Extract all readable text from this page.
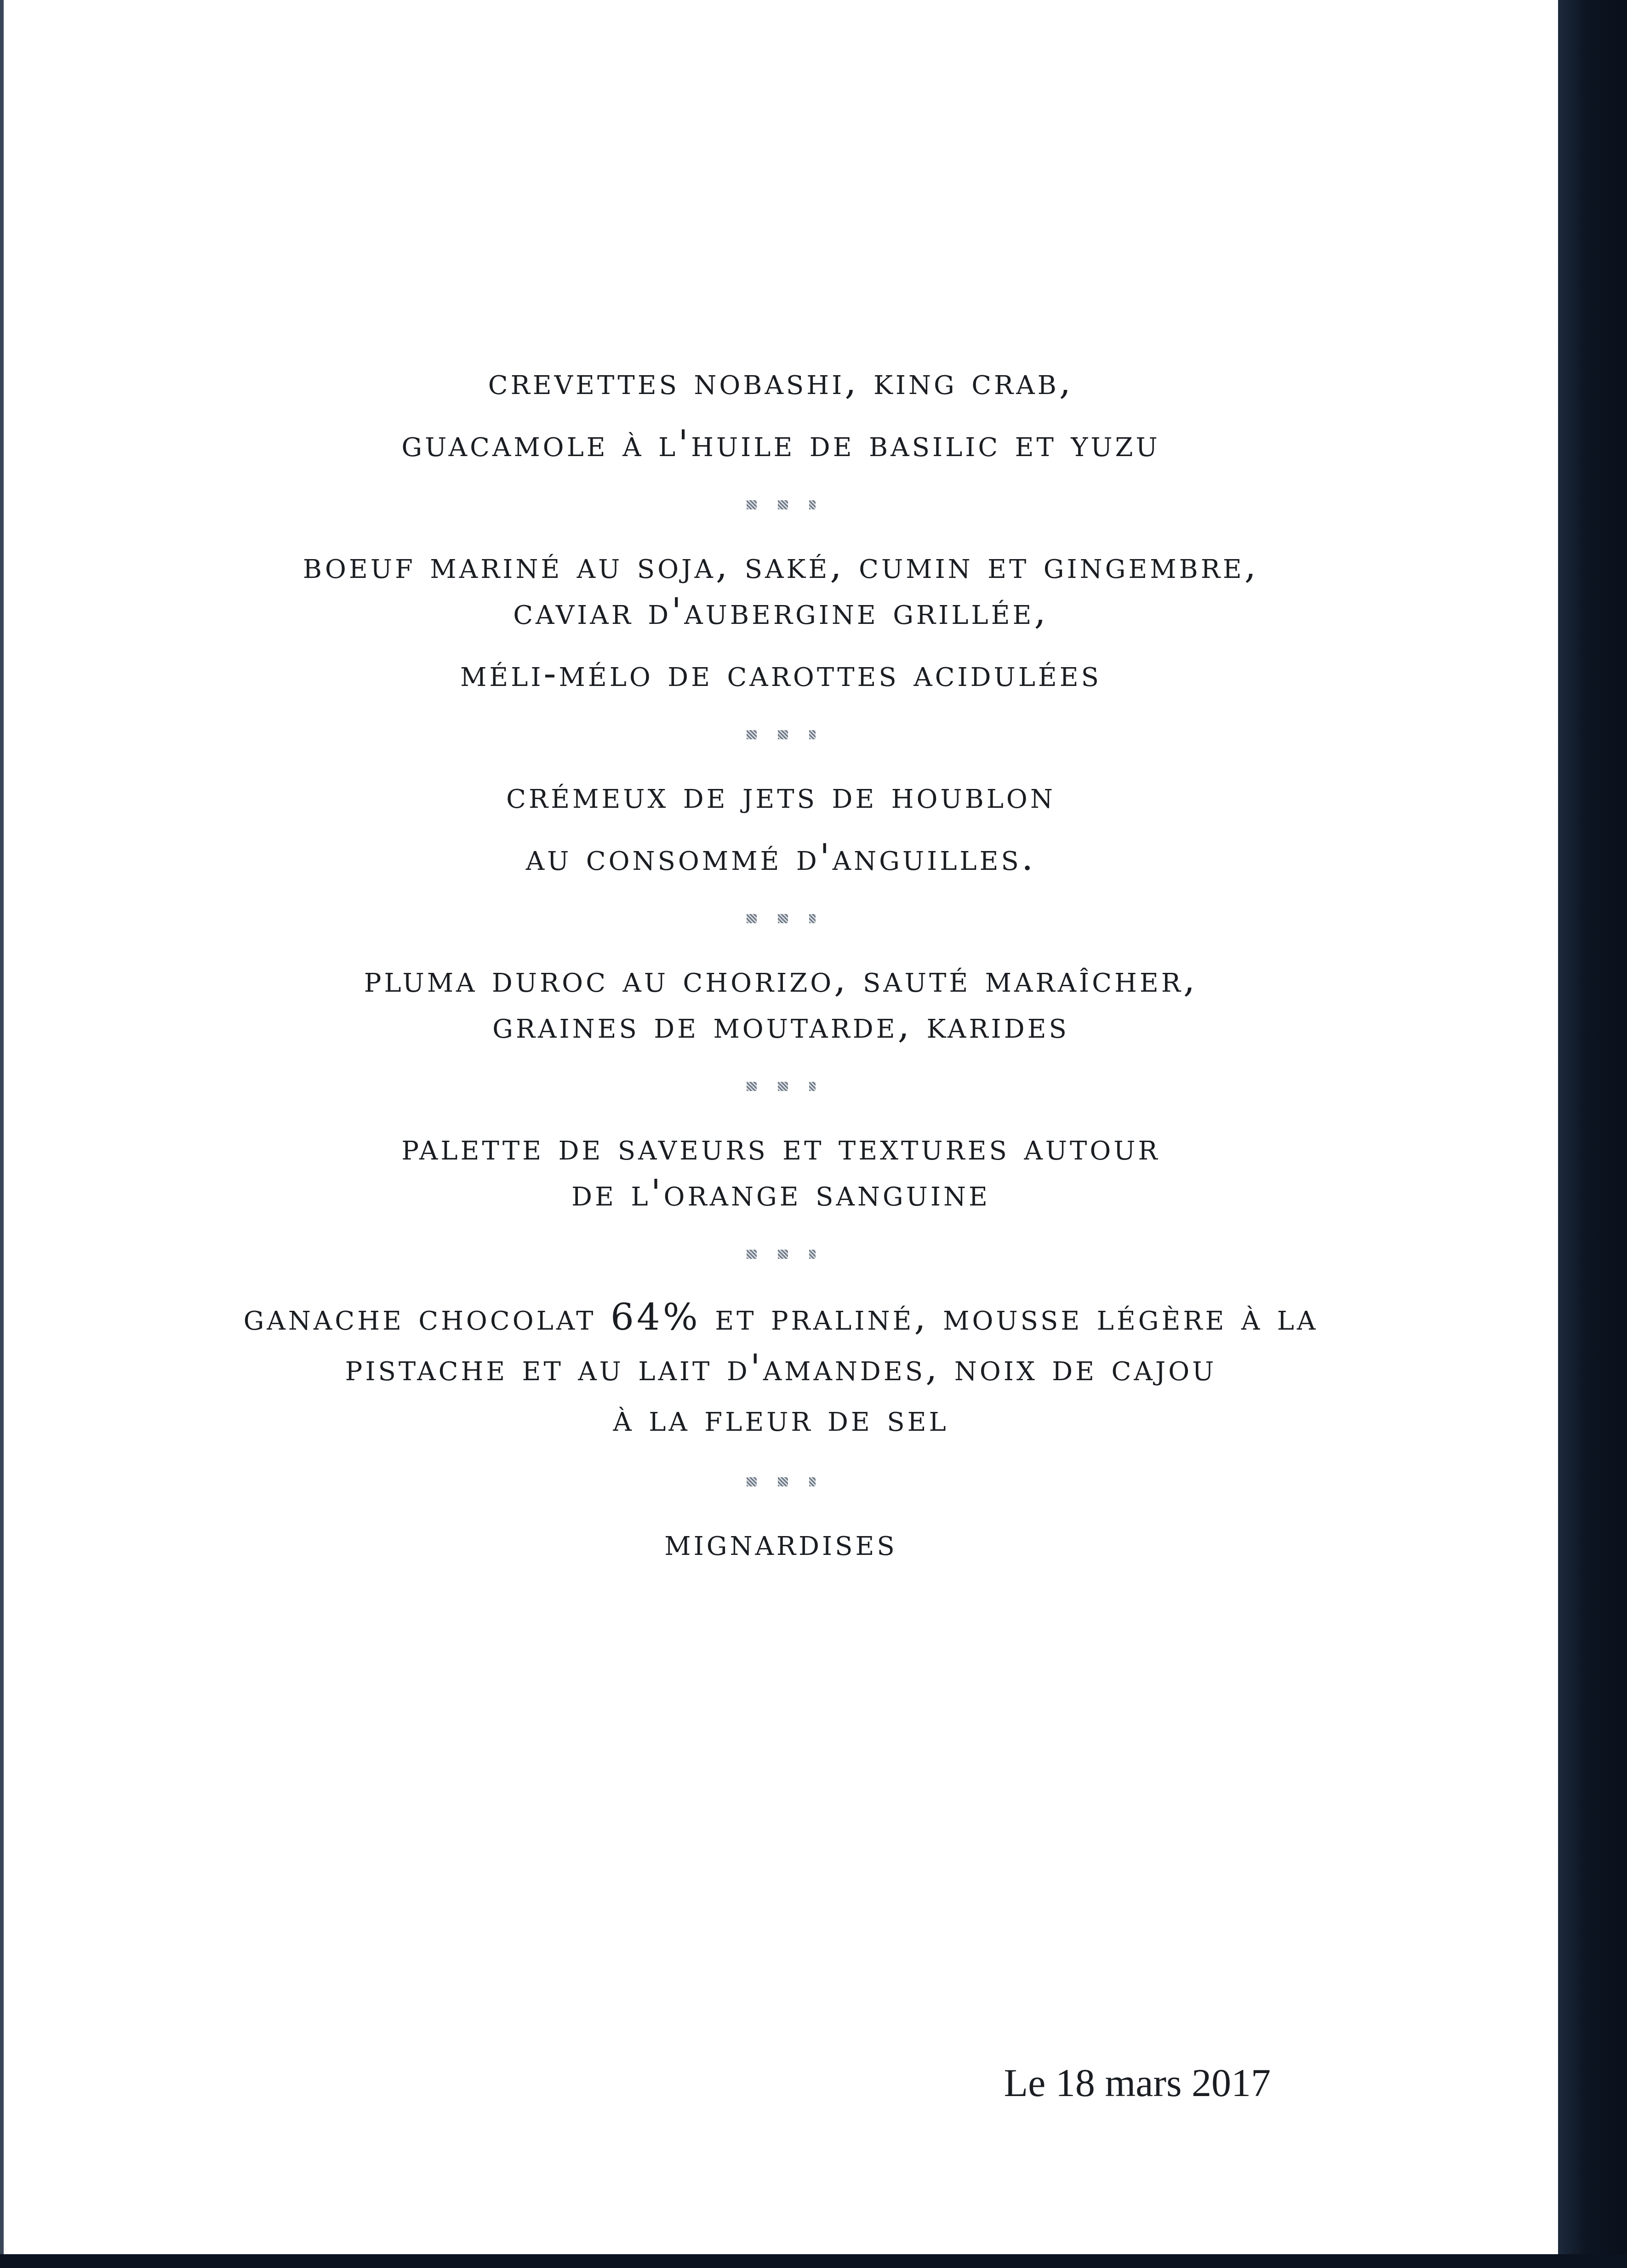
crevettes nobashi, king crab,
guacamole à l'huile de basilic et yuzu
boeuf mariné au soja, saké, cumin et gingembre,
caviar d'aubergine grillée,
méli-mélo de carottes acidulées
crémeux de jets de houblon
au consommé d'anguilles.
pluma duroc au chorizo, sauté maraîcher,
graines de moutarde, karides
palette de saveurs et textures autour
de l'orange sanguine
ganache chocolat 64% et praliné, mousse légère à la
pistache et au lait d'amandes, noix de cajou
à la fleur de sel
mignardises
Le 18 mars 2017
